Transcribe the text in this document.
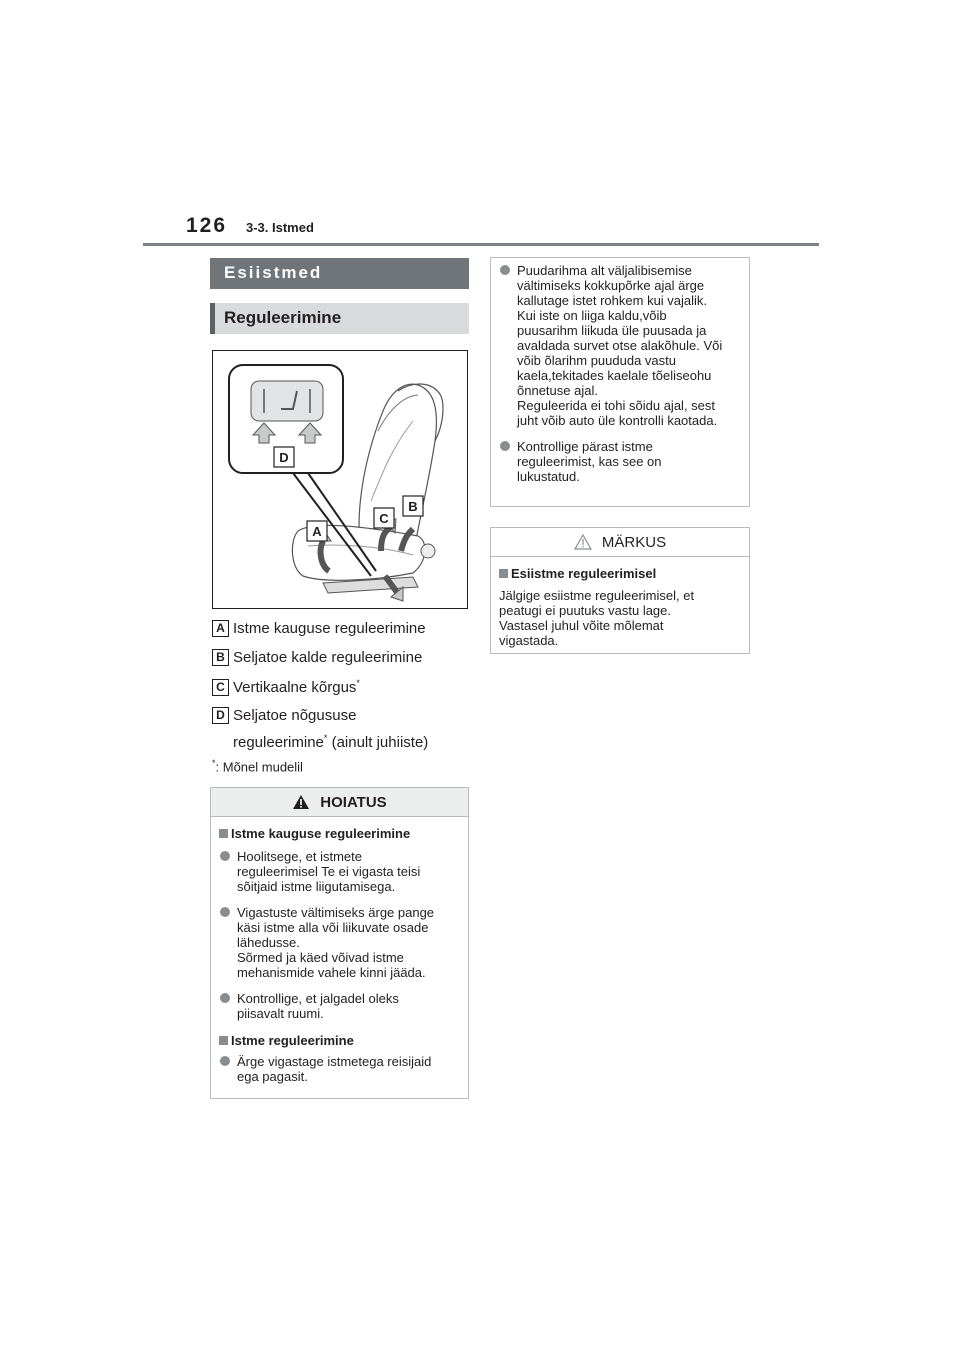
126 3-3. Istmed
Esiistmed
Reguleerimine
D
A
C
B
A Istme kauguse reguleerimine
B Seljatoe kalde reguleerimine
C Vertikaalne kõrgus*
D Seljatoe nõgususe
reguleerimine* (ainult juhiiste)
*: Mõnel mudelil
HOIATUS
Istme kauguse reguleerimine
Hoolitsege, et istmete
reguleerimisel Te ei vigasta teisi
sõitjaid istme liigutamisega.
Vigastuste vältimiseks ärge pange
käsi istme alla või liikuvate osade
lähedusse.
Sõrmed ja käed võivad istme
mehanismide vahele kinni jääda.
Kontrollige, et jalgadel oleks
piisavalt ruumi.
Istme reguleerimine
Ärge vigastage istmetega reisijaid
ega pagasit.
Puudarihma alt väljalibisemise
vältimiseks kokkupõrke ajal ärge
kallutage istet rohkem kui vajalik.
Kui iste on liiga kaldu,võib
puusarihm liikuda üle puusada ja
avaldada survet otse alakõhule. Või
võib õlarihm puududa vastu
kaela,tekitades kaelale tõeliseohu
õnnetuse ajal.
Reguleerida ei tohi sõidu ajal, sest
juht võib auto üle kontrolli kaotada.
Kontrollige pärast istme
reguleerimist, kas see on
lukustatud.
MÄRKUS
Esiistme reguleerimisel
Jälgige esiistme reguleerimisel, et
peatugi ei puutuks vastu lage.
Vastasel juhul võite mõlemat
vigastada.
